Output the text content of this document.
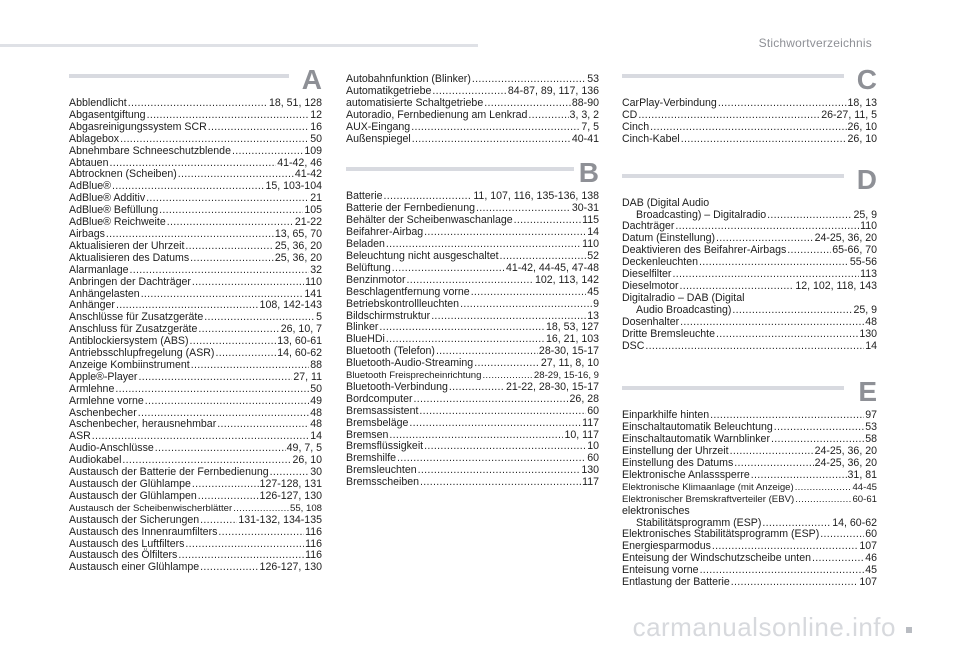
Stichwortverzeichnis
A
Abblendlicht .....	18, 51, 128
Abgasentgiftung .....	12
Abgasreinigungssystem SCR .....	16
Ablagebox .....	50
Abnehmbare Schneeschutzblende .....	109
Abtauen .....	41-42, 46
Abtrocknen (Scheiben) .....	41-42
AdBlue® .....	15, 103-104
AdBlue® Additiv .....	21
AdBlue® Befüllung .....	105
AdBlue® Reichweite .....	21-22
Airbags .....	13, 65, 70
Aktualisieren der Uhrzeit .....	25, 36, 20
Aktualisieren des Datums .....	25, 36, 20
Alarmanlage .....	32
Anbringen der Dachträger .....	110
Anhängelasten .....	141
Anhänger .....	108, 142-143
Anschlüsse für Zusatzgeräte .....	5
Anschluss für Zusatzgeräte .....	26, 10, 7
Antiblockiersystem (ABS) .....	13, 60-61
Antriebsschlupfregelung (ASR) .....	14, 60-62
Anzeige Kombiinstrument .....	88
Apple®-Player .....	27, 11
Armlehne .....	50
Armlehne vorne .....	49
Aschenbecher .....	48
Aschenbecher, herausnehmbar .....	48
ASR .....	14
Audio-Anschlüsse .....	49, 7, 5
Audiokabel .....	26, 10
Austausch der Batterie der Fernbedienung .....	30
Austausch der Glühlampe .....	127-128, 131
Austausch der Glühlampen .....	126-127, 130
Austausch der Scheibenwischerblätter .....	55, 108
Austausch der Sicherungen .....	131-132, 134-135
Austausch des Innenraumfilters .....	116
Austausch des Luftfilters .....	116
Austausch des Ölfilters .....	116
Austausch einer Glühlampe .....	126-127, 130
Autobahnfunktion (Blinker) .....	53
Automatikgetriebe .....	84-87, 89, 117, 136
automatisierte Schaltgetriebe .....	88-90
Autoradio, Fernbedienung am Lenkrad .....	3, 3, 2
AUX-Eingang .....	7, 5
Außenspiegel .....	40-41
B
Batterie .....	11, 107, 116, 135-136, 138
Batterie der Fernbedienung .....	30-31
Behälter der Scheibenwaschanlage .....	115
Beifahrer-Airbag .....	14
Beladen .....	110
Beleuchtung nicht ausgeschaltet .....	52
Belüftung .....	41-42, 44-45, 47-48
Benzinmotor .....	102, 113, 142
Beschlagentfernung vorne .....	45
Betriebskontrollleuchten .....	9
Bildschirmstruktur .....	13
Blinker .....	18, 53, 127
BlueHDi .....	16, 21, 103
Bluetooth (Telefon) .....	28-30, 15-17
Bluetooth-Audio-Streaming .....	27, 11, 8, 10
Bluetooth Freisprecheinrichtung .....	28-29, 15-16, 9
Bluetooth-Verbindung .....	21-22, 28-30, 15-17
Bordcomputer .....	26, 28
Bremsassistent .....	60
Bremsbeläge .....	117
Bremsen .....	10, 117
Bremsflüssigkeit .....	10
Bremshilfe .....	60
Bremsleuchten .....	130
Bremsscheiben .....	117
C
CarPlay-Verbindung .....	18, 13
CD .....	26-27, 11, 5
Cinch .....	26, 10
Cinch-Kabel .....	26, 10
D
DAB (Digital Audio
Broadcasting) – Digitalradio .....	25, 9
Dachträger .....	110
Datum (Einstellung) .....	24-25, 36, 20
Deaktivieren des Beifahrer-Airbags .....	65-66, 70
Deckenleuchten .....	55-56
Dieselfilter .....	113
Dieselmotor .....	12, 102, 118, 143
Digitalradio – DAB (Digital
Audio Broadcasting) .....	25, 9
Dosenhalter .....	48
Dritte Bremsleuchte .....	130
DSC .....	14
E
Einparkhilfe hinten .....	97
Einschaltautomatik Beleuchtung .....	53
Einschaltautomatik Warnblinker .....	58
Einstellung der Uhrzeit .....	24-25, 36, 20
Einstellung des Datums .....	24-25, 36, 20
Elektronische Anlasssperre .....	31, 81
Elektronische Klimaanlage (mit Anzeige) .....	44-45
Elektronischer Bremskraftverteiler (EBV) .....	60-61
elektronisches
Stabilitätsprogramm (ESP) .....	14, 60-62
Elektronisches Stabilitätsprogramm (ESP) .....	60
Energiesparmodus .....	107
Enteisung der Windschutzscheibe unten .....	46
Enteisung vorne .....	45
Entlastung der Batterie .....	107
carmanualsonline.info
